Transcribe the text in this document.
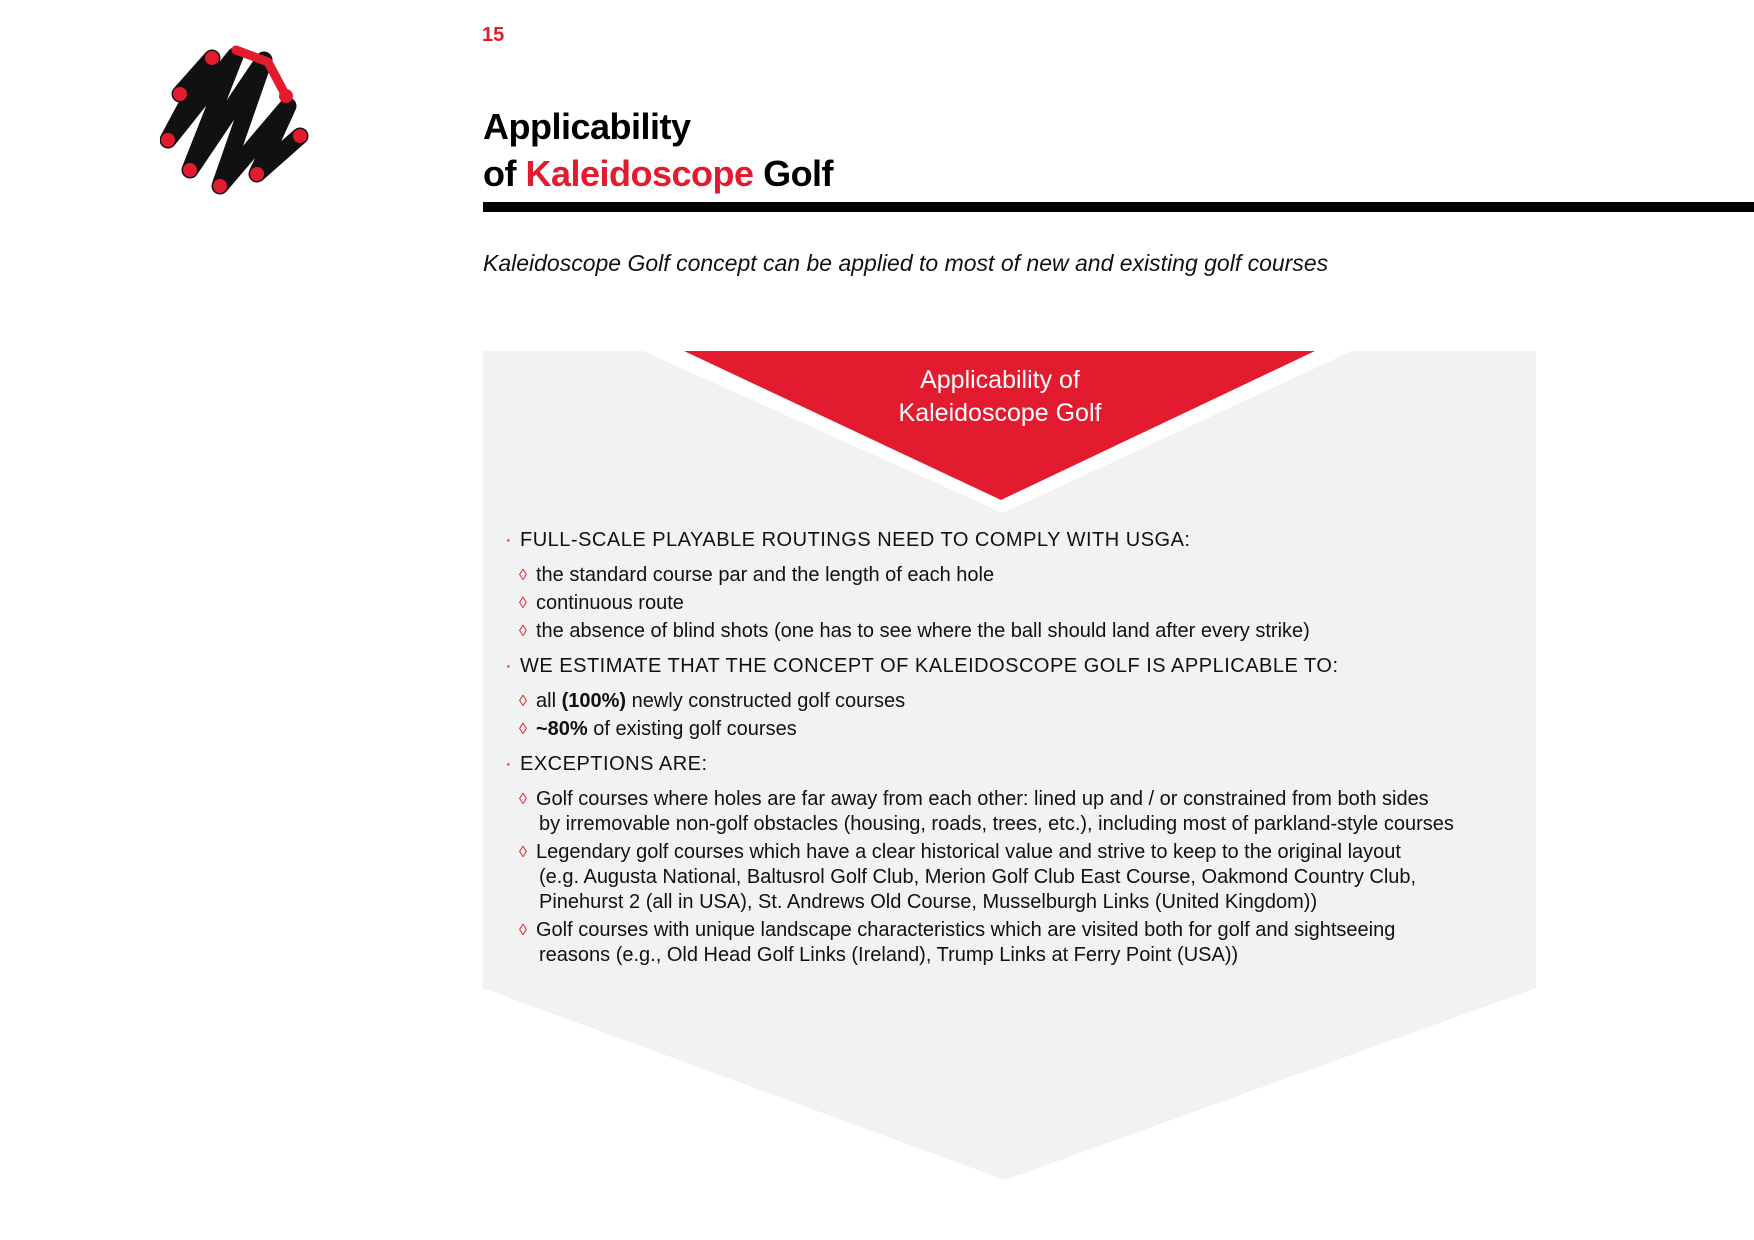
15
Applicability
of Kaleidoscope Golf
Kaleidoscope Golf concept can be applied to most of new and existing golf courses
Applicability of
Kaleidoscope Golf
· FULL-SCALE PLAYABLE ROUTINGS NEED TO COMPLY WITH USGA:
◊ the standard course par and the length of each hole
◊ continuous route
◊ the absence of blind shots (one has to see where the ball should land after every strike)
· WE ESTIMATE THAT THE CONCEPT OF KALEIDOSCOPE GOLF IS APPLICABLE TO:
◊ all (100%) newly constructed golf courses
◊ ~80% of existing golf courses
· EXCEPTIONS ARE:
◊ Golf courses where holes are far away from each other: lined up and / or constrained from both sides
by irremovable non-golf obstacles (housing, roads, trees, etc.), including most of parkland-style courses
◊ Legendary golf courses which have a clear historical value and strive to keep to the original layout
(e.g. Augusta National, Baltusrol Golf Club, Merion Golf Club East Course, Oakmond Country Club,
Pinehurst 2 (all in USA), St. Andrews Old Course, Musselburgh Links (United Kingdom))
◊ Golf courses with unique landscape characteristics which are visited both for golf and sightseeing
reasons (e.g., Old Head Golf Links (Ireland), Trump Links at Ferry Point (USA))
